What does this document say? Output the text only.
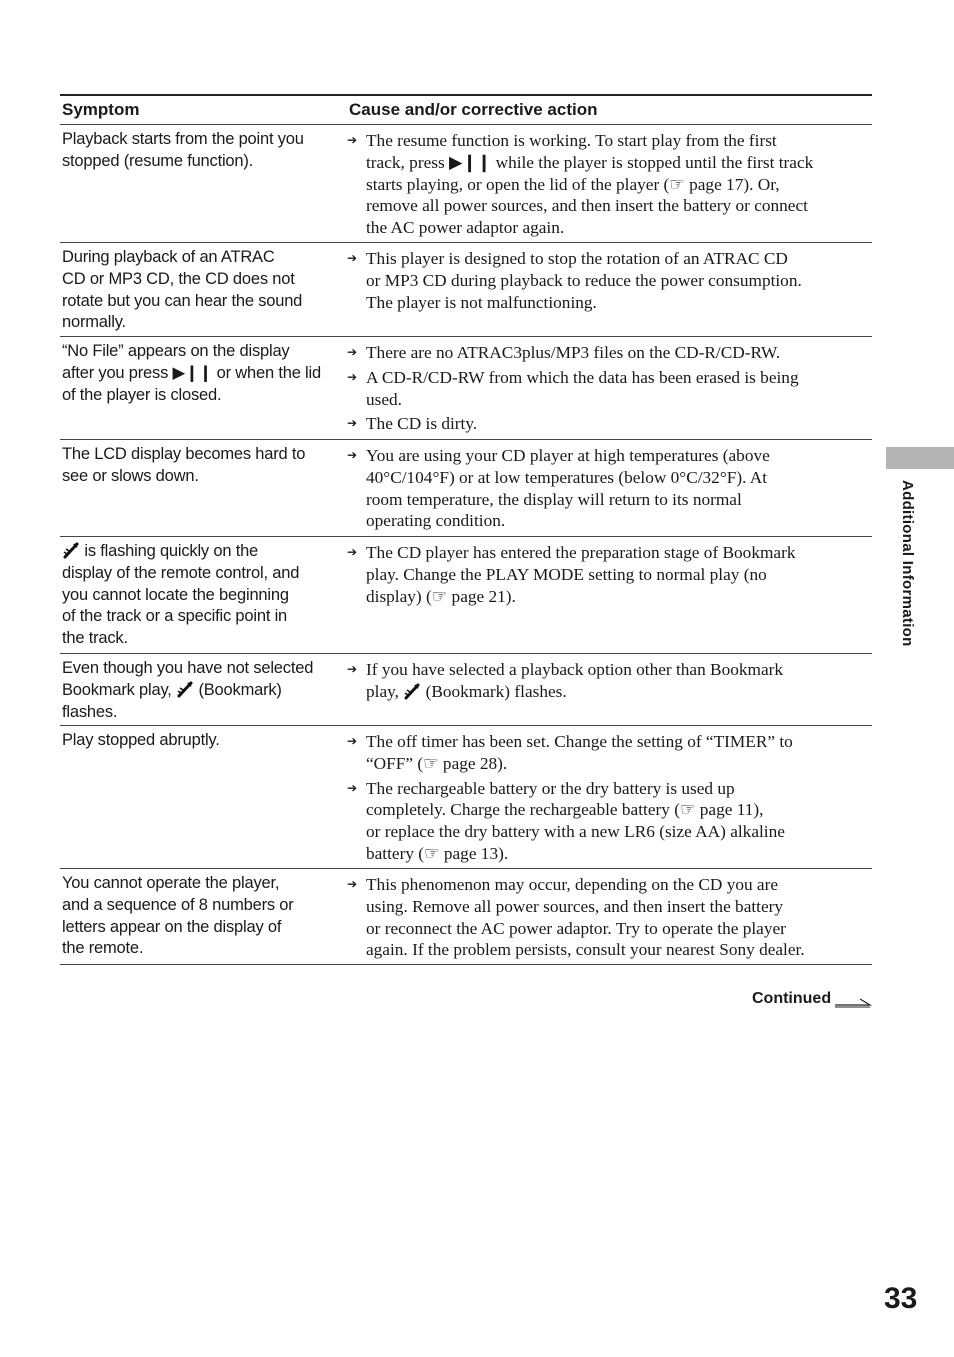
Symptom	Cause and/or corrective action
Playback starts from the point you
stopped (resume function).
➔ The resume function is working. To start play from the first
track, press ▶❙❙ while the player is stopped until the first track
starts playing, or open the lid of the player (☞ page 17). Or,
remove all power sources, and then insert the battery or connect
the AC power adaptor again.
During playback of an ATRAC
CD or MP3 CD, the CD does not
rotate but you can hear the sound
normally.
➔ This player is designed to stop the rotation of an ATRAC CD
or MP3 CD during playback to reduce the power consumption.
The player is not malfunctioning.
“No File” appears on the display
after you press ▶❙❙ or when the lid
of the player is closed.
➔ There are no ATRAC3plus/MP3 files on the CD-R/CD-RW.
➔ A CD-R/CD-RW from which the data has been erased is being
used.
➔ The CD is dirty.
The LCD display becomes hard to
see or slows down.
➔ You are using your CD player at high temperatures (above
40°C/104°F) or at low temperatures (below 0°C/32°F). At
room temperature, the display will return to its normal
operating condition.
is flashing quickly on the
display of the remote control, and
you cannot locate the beginning
of the track or a specific point in
the track.
➔ The CD player has entered the preparation stage of Bookmark
play. Change the PLAY MODE setting to normal play (no
display) (☞ page 21).
Even though you have not selected
Bookmark play,  (Bookmark)
flashes.
➔ If you have selected a playback option other than Bookmark
play,  (Bookmark) flashes.
Play stopped abruptly.	➔ The off timer has been set. Change the setting of “TIMER” to
“OFF” (☞ page 28).
➔ The rechargeable battery or the dry battery is used up
completely. Charge the rechargeable battery (☞ page 11),
or replace the dry battery with a new LR6 (size AA) alkaline
battery (☞ page 13).
You cannot operate the player,
and a sequence of 8 numbers or
letters appear on the display of
the remote.
➔ This phenomenon may occur, depending on the CD you are
using. Remove all power sources, and then insert the battery
or reconnect the AC power adaptor. Try to operate the player
again. If the problem persists, consult your nearest Sony dealer.
Continued
Additional Information
33
